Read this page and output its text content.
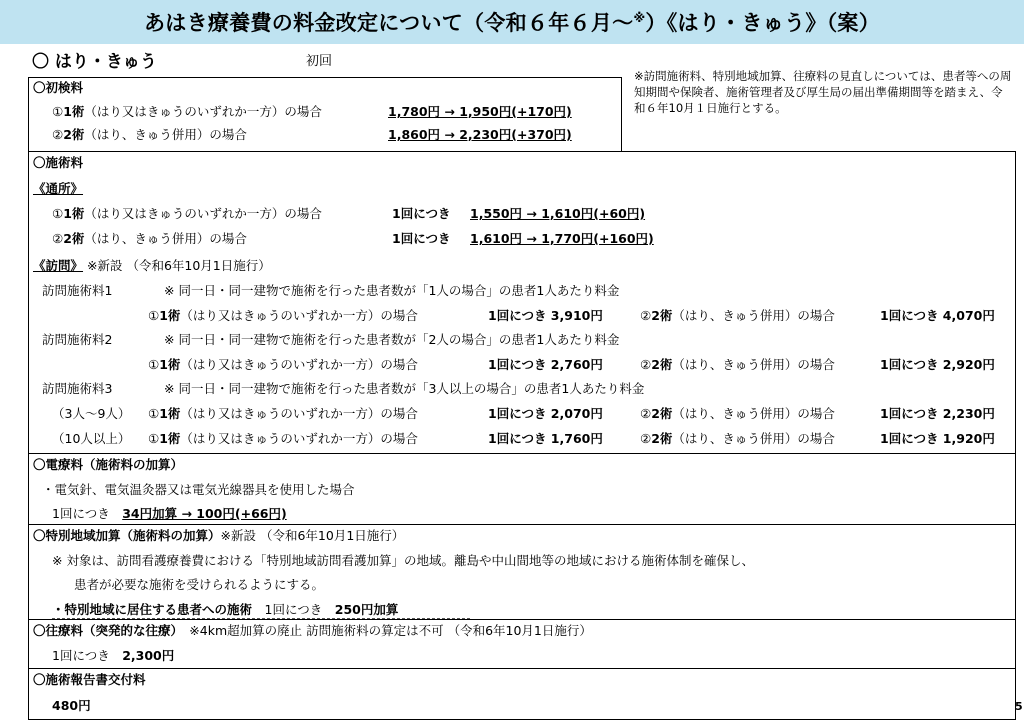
あはき療養費の料金改定について（令和６年６月～※）《はり・きゅう》（案）
〇 はり・きゅう	初回
※訪問施術料、特別地域加算、往療料の見直しについては、患者等への周知期間や保険者、施術管理者及び厚生局の届出準備期間等を踏まえ、令和６年10月１日施行とする。
〇初検料
①1術（はり又はきゅうのいずれか一方）の場合	1,780円 → 1,950円(+170円)
②2術（はり、きゅう併用）の場合	1,860円 → 2,230円(+370円)
〇施術料
《通所》
①1術（はり又はきゅうのいずれか一方）の場合	1回につき 1,550円 → 1,610円(+60円)
②2術（はり、きゅう併用）の場合	1回につき 1,610円 → 1,770円(+160円)
《訪問》 ※新設 （令和6年10月1日施行）
訪問施術料1	※ 同一日・同一建物で施術を行った患者数が「1人の場合」の患者1人あたり料金
①1術（はり又はきゅうのいずれか一方）の場合	1回につき 3,910円	②2術（はり、きゅう併用）の場合	1回につき 4,070円
訪問施術料2	※ 同一日・同一建物で施術を行った患者数が「2人の場合」の患者1人あたり料金
①1術（はり又はきゅうのいずれか一方）の場合	1回につき 2,760円	②2術（はり、きゅう併用）の場合	1回につき 2,920円
訪問施術料3	※ 同一日・同一建物で施術を行った患者数が「3人以上の場合」の患者1人あたり料金
（3人～9人） ①1術（はり又はきゅうのいずれか一方）の場合	1回につき 2,070円	②2術（はり、きゅう併用）の場合	1回につき 2,230円
（10人以上） ①1術（はり又はきゅうのいずれか一方）の場合	1回につき 1,760円	②2術（はり、きゅう併用）の場合	1回につき 1,920円
〇電療料（施術料の加算）
・電気針、電気温灸器又は電気光線器具を使用した場合
1回につき　 34円加算 → 100円(+66円)
〇特別地域加算（施術料の加算）※新設 （令和6年10月1日施行）
※ 対象は、訪問看護療養費における「特別地域訪問看護加算」の地域。離島や中山間地等の地域における施術体制を確保し、
患者が必要な施術を受けられるようにする。
・特別地域に居住する患者への施術　 1回につき　 250円加算
〇往療料（突発的な往療）　 ※4km超加算の廃止 訪問施術料の算定は不可 （令和6年10月1日施行）
1回につき　 2,300円
〇施術報告書交付料
480円	5
